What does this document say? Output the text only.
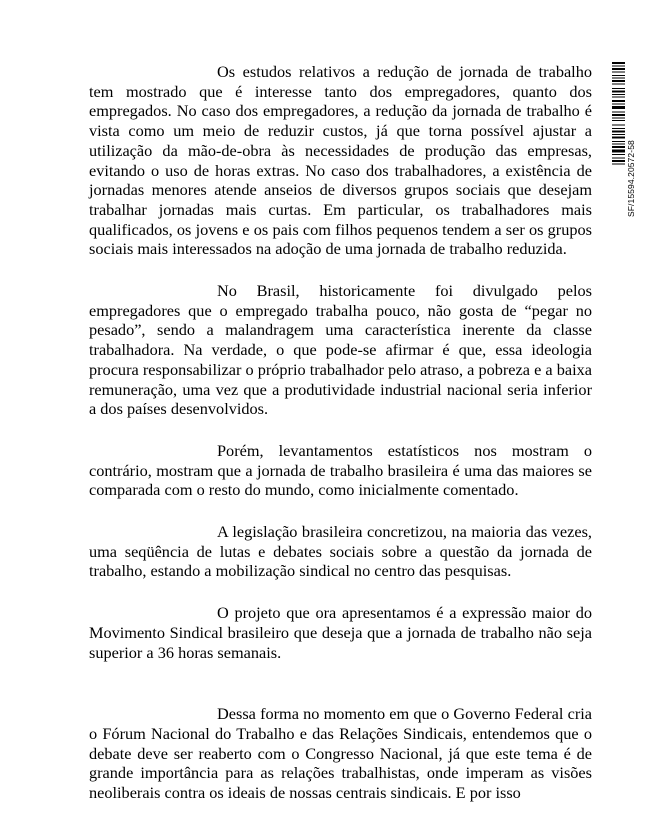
Os estudos relativos a redução de jornada de trabalho tem mostrado que é interesse tanto dos empregadores, quanto dos empregados. No caso dos empregadores, a redução da jornada de trabalho é vista como um meio de reduzir custos, já que torna possível ajustar a utilização da mão-de-obra às necessidades de produção das empresas, evitando o uso de horas extras. No caso dos trabalhadores, a existência de jornadas menores atende anseios de diversos grupos sociais que desejam trabalhar jornadas mais curtas. Em particular, os trabalhadores mais qualificados, os jovens e os pais com filhos pequenos tendem a ser os grupos sociais mais interessados na adoção de uma jornada de trabalho reduzida.

No Brasil, historicamente foi divulgado pelos empregadores que o empregado trabalha pouco, não gosta de “pegar no pesado”, sendo a malandragem uma característica inerente da classe trabalhadora. Na verdade, o que pode-se afirmar é que, essa ideologia procura responsabilizar o próprio trabalhador pelo atraso, a pobreza e a baixa remuneração, uma vez que a produtividade industrial nacional seria inferior a dos países desenvolvidos.

Porém, levantamentos estatísticos nos mostram o contrário, mostram que a jornada de trabalho brasileira é uma das maiores se comparada com o resto do mundo, como inicialmente comentado.

A legislação brasileira concretizou, na maioria das vezes, uma seqüência de lutas e debates sociais sobre a questão da jornada de trabalho, estando a mobilização sindical no centro das pesquisas.

O projeto que ora apresentamos é a expressão maior do Movimento Sindical brasileiro que deseja que a jornada de trabalho não seja superior a 36 horas semanais.

Dessa forma no momento em que o Governo Federal cria o Fórum Nacional do Trabalho e das Relações Sindicais, entendemos que o debate deve ser reaberto com o Congresso Nacional, já que este tema é de grande importância para as relações trabalhistas, onde imperam as visões neoliberais contra os ideais de nossas centrais sindicais. E por isso

SF/15594.20572-58
